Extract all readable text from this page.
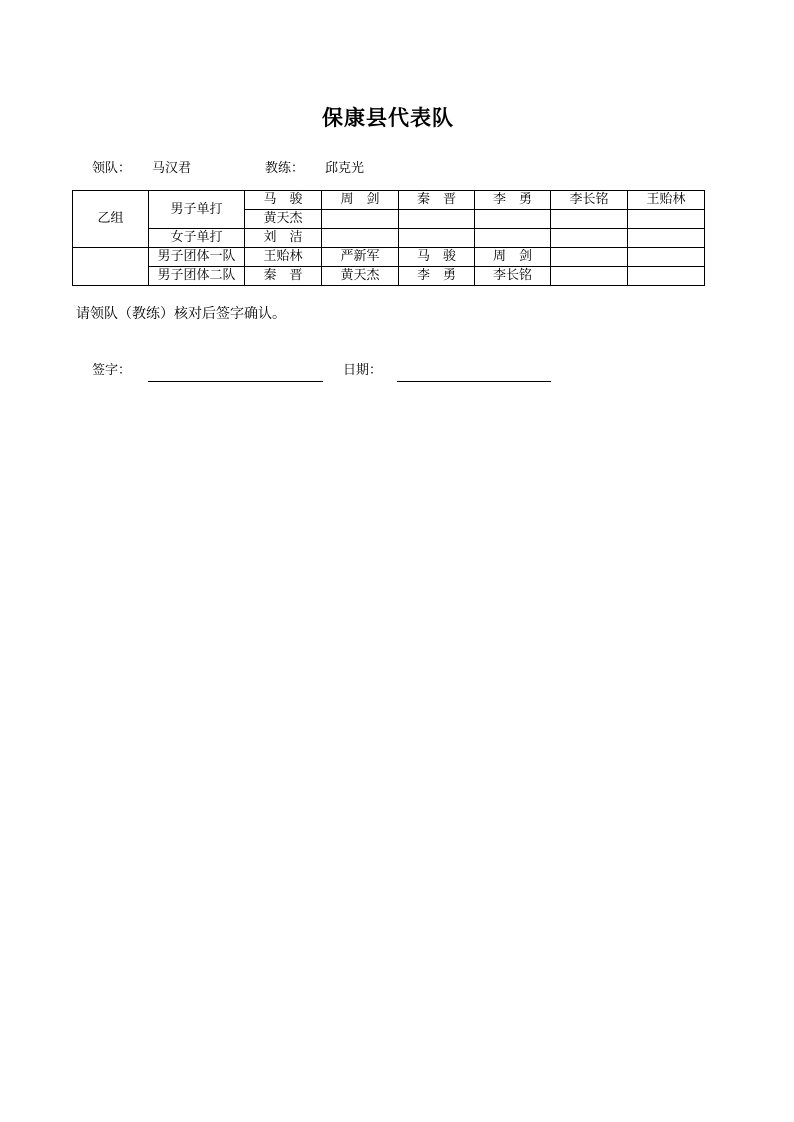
保康县代表队
领队： 马汉君	教练： 邱克光
乙组	男子单打	马　骏	周　剑	秦　晋	李　勇	李长铭	王贻林
		黄天杰					
	女子单打	刘　洁					
	男子团体一队	王贻林	严新军	马　骏	周　剑		
	男子团体二队	秦　晋	黄天杰	李　勇	李长铭		
请领队（教练）核对后签字确认。
签字：	日期：
